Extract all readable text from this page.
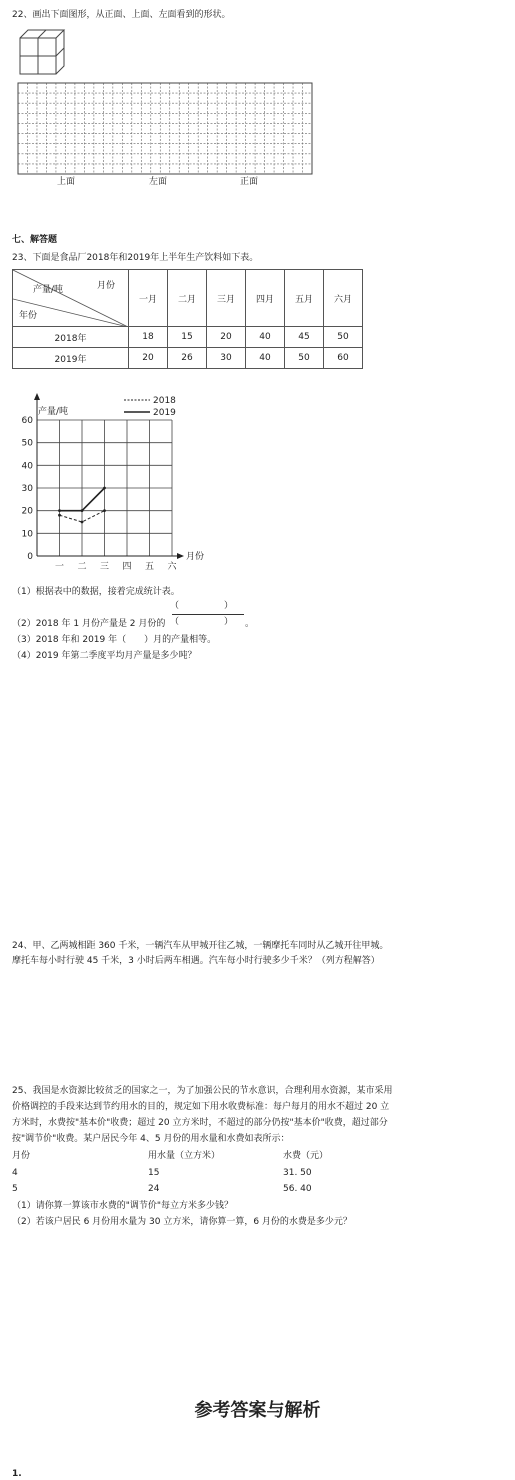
22、画出下面图形，从正面、上面、左面看到的形状。
上面	左面	正面
七、解答题
23、下面是食品厂2018年和2019年上半年生产饮料如下表。
月份
产量/吨
年份	一月	二月	三月	四月	五月	六月
2018年	18	15	20	40	45	50
2019年	20	26	30	40	50	60
0
10
20
30
40
50
60
一 二 三 四 五 六
产量/吨
月份
2018
2019
（1）根据表中的数据，接着完成统计表。
（2）2018 年 1 月份产量是 2 月份的
（　　　　　）
（　　　　　） 。
（3）2018 年和 2019 年（　　）月的产量相等。
（4）2019 年第二季度平均月产量是多少吨？
24、甲、乙两城相距 360 千米，一辆汽车从甲城开往乙城，一辆摩托车同时从乙城开往甲城。
摩托车每小时行驶 45 千米，3 小时后两车相遇。汽车每小时行驶多少千米？（列方程解答）
25、我国是水资源比较贫乏的国家之一，为了加强公民的节水意识，合理利用水资源，某市采用
价格调控的手段来达到节约用水的目的，规定如下用水收费标准：每户每月的用水不超过 20 立
方米时，水费按"基本价"收费；超过 20 立方米时，不超过的部分仍按"基本价"收费，超过部分
按"调节价"收费。某户居民今年 4、5 月份的用水量和水费如表所示：
月份	用水量（立方米）	水费（元）
4	15	31. 50
5	24	56. 40
（1）请你算一算该市水费的"调节价"每立方米多少钱？
（2）若该户居民 6 月份用水量为 30 立方米，请你算一算，6 月份的水费是多少元？
参考答案与解析
1.
